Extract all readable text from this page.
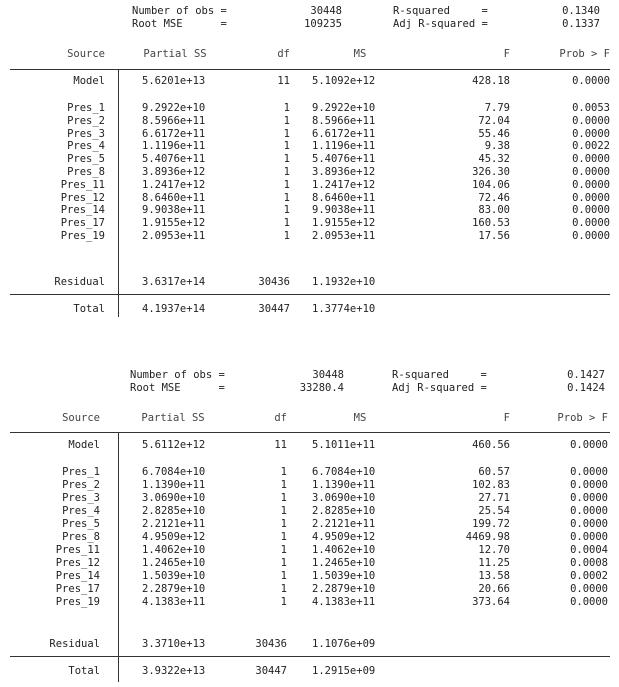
Number of obs =	30448
Root MSE      =	109235
R-squared     =	0.1340
Adj R-squared =	0.1337
Source	Partial SS	df	MS	F	Prob > F
Model	5.6201e+13	11 5.1092e+12	428.18	0.0000
Pres_1	9.2922e+10	1 9.2922e+10	7.79	0.0053
Pres_2	8.5966e+11	1 8.5966e+11	72.04	0.0000
Pres_3	6.6172e+11	1 6.6172e+11	55.46	0.0000
Pres_4	1.1196e+11	1 1.1196e+11	9.38	0.0022
Pres_5	5.4076e+11	1 5.4076e+11	45.32	0.0000
Pres_8	3.8936e+12	1 3.8936e+12	326.30	0.0000
Pres_11	1.2417e+12	1 1.2417e+12	104.06	0.0000
Pres_12	8.6460e+11	1 8.6460e+11	72.46	0.0000
Pres_14	9.9038e+11	1 9.9038e+11	83.00	0.0000
Pres_17	1.9155e+12	1 1.9155e+12	160.53	0.0000
Pres_19	2.0953e+11	1 2.0953e+11	17.56	0.0000
Residual	3.6317e+14	30436 1.1932e+10
Total	4.1937e+14	30447 1.3774e+10
Number of obs =	30448
Root MSE      =	33280.4
R-squared     =	0.1427
Adj R-squared =	0.1424
Source	Partial SS	df	MS	F	Prob > F
Model	5.6112e+12	11 5.1011e+11	460.56	0.0000
Pres_1	6.7084e+10	1 6.7084e+10	60.57	0.0000
Pres_2	1.1390e+11	1 1.1390e+11	102.83	0.0000
Pres_3	3.0690e+10	1 3.0690e+10	27.71	0.0000
Pres_4	2.8285e+10	1 2.8285e+10	25.54	0.0000
Pres_5	2.2121e+11	1 2.2121e+11	199.72	0.0000
Pres_8	4.9509e+12	1 4.9509e+12	4469.98	0.0000
Pres_11	1.4062e+10	1 1.4062e+10	12.70	0.0004
Pres_12	1.2465e+10	1 1.2465e+10	11.25	0.0008
Pres_14	1.5039e+10	1 1.5039e+10	13.58	0.0002
Pres_17	2.2879e+10	1 2.2879e+10	20.66	0.0000
Pres_19	4.1383e+11	1 4.1383e+11	373.64	0.0000
Residual	3.3710e+13	30436 1.1076e+09
Total	3.9322e+13	30447 1.2915e+09
